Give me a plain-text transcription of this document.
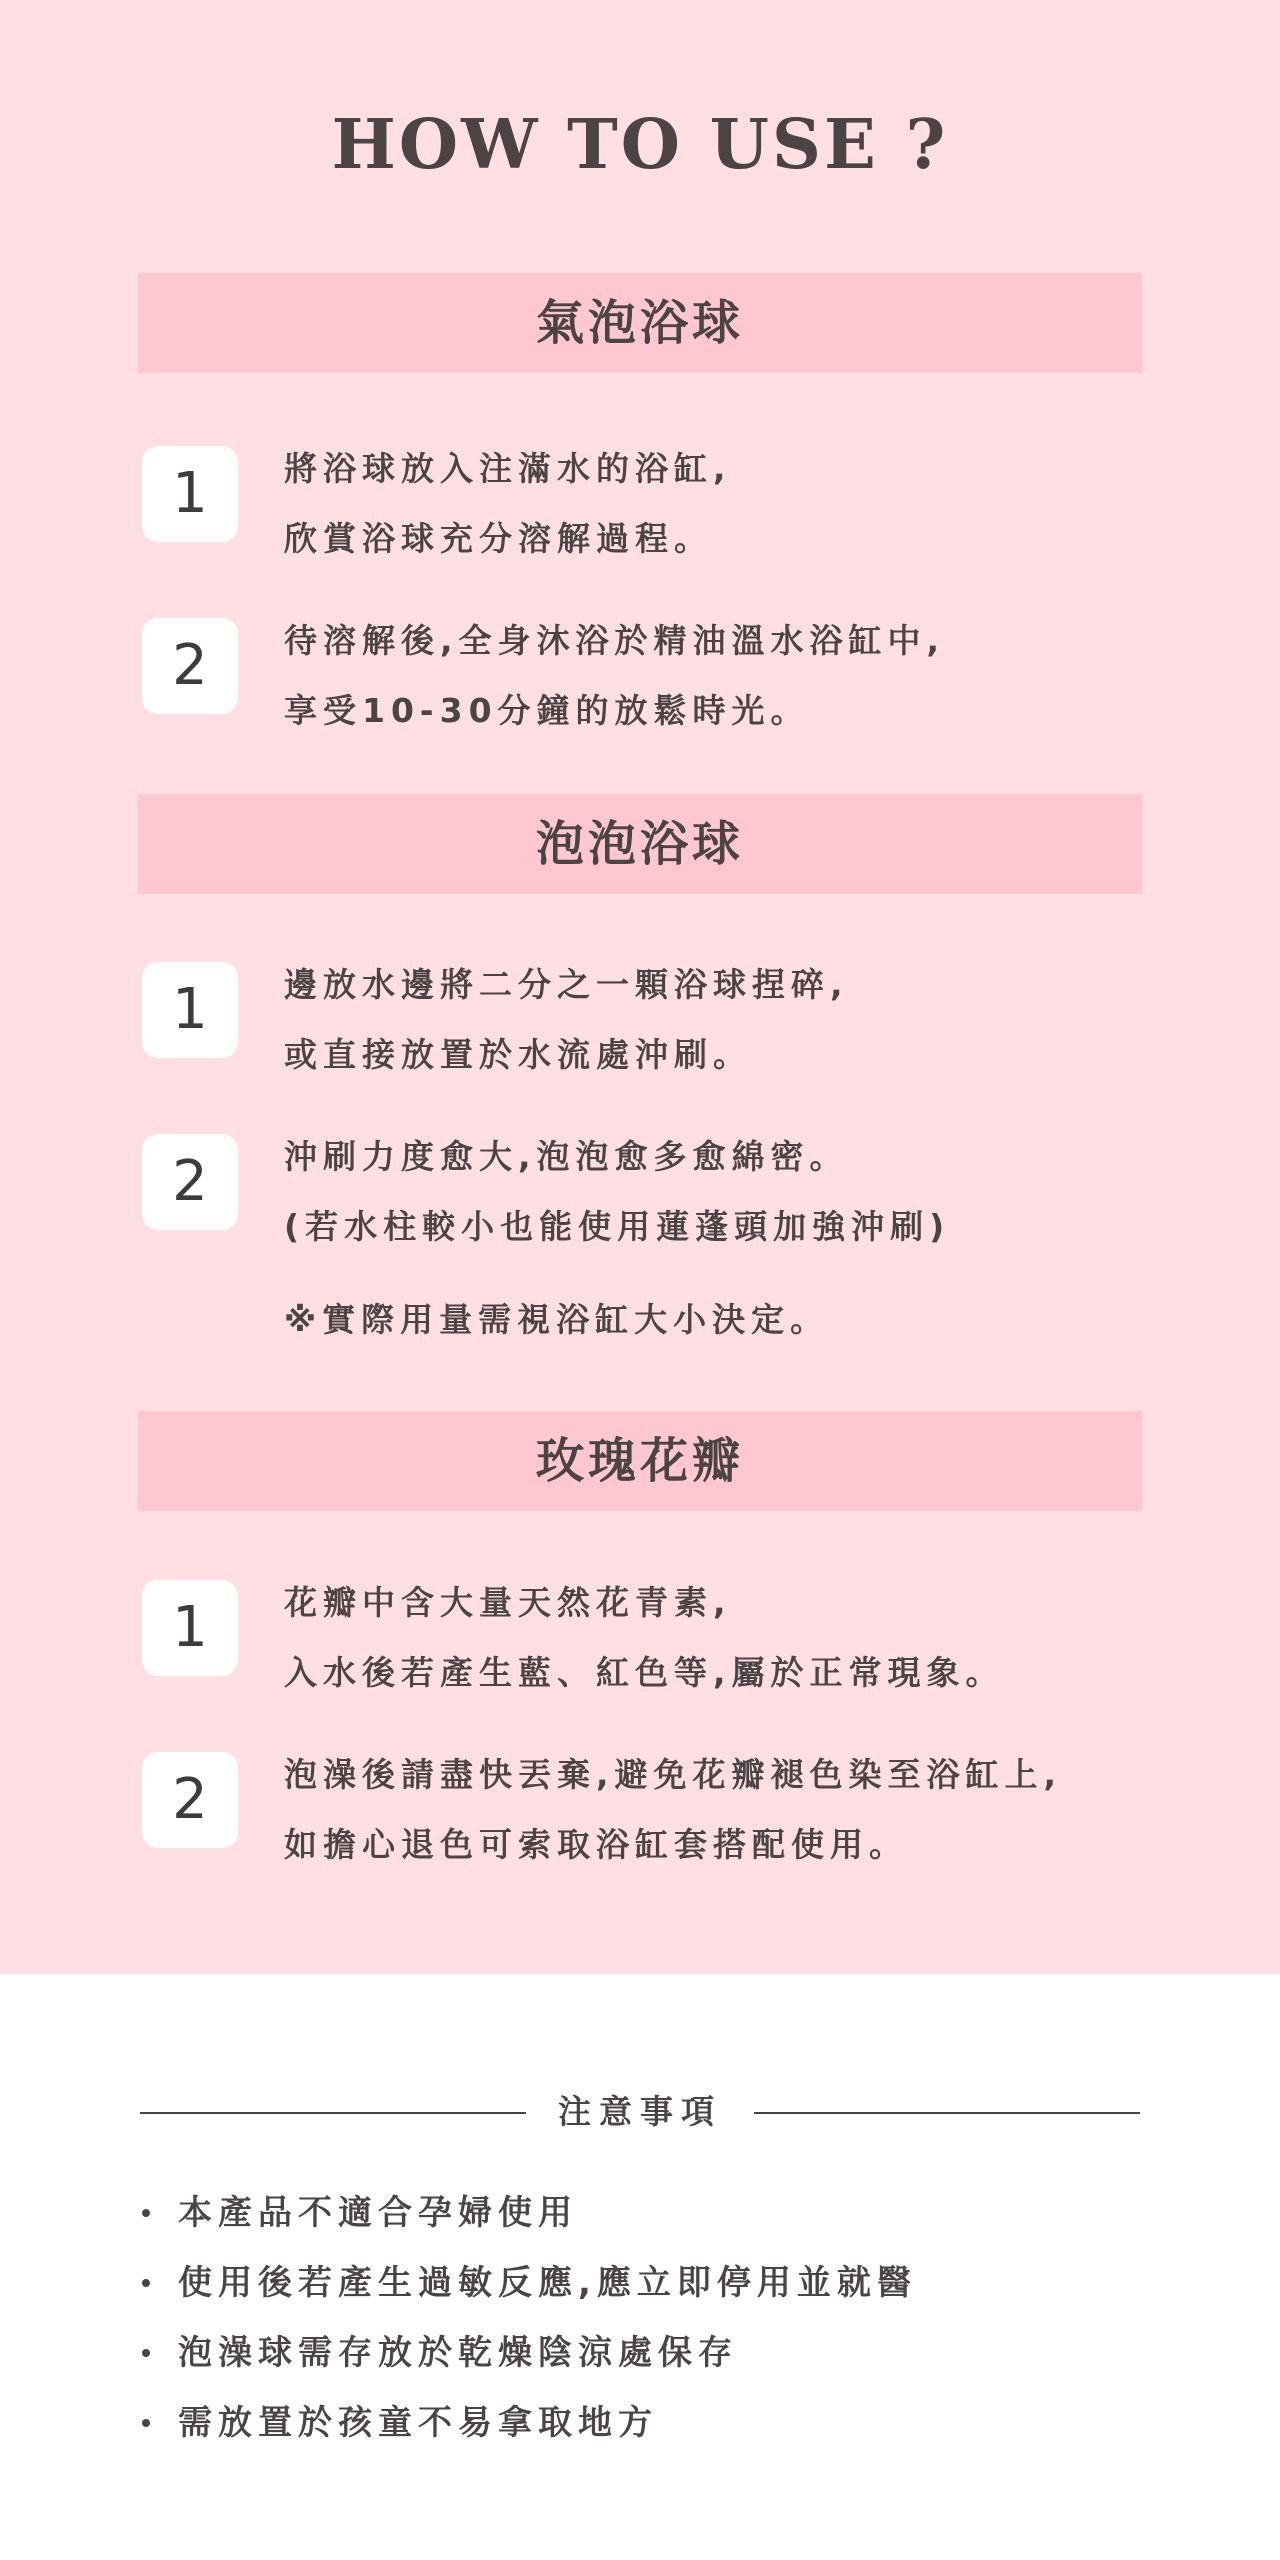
HOW TO USE ?
氣泡浴球
1	將浴球放入注滿水的浴缸,
欣賞浴球充分溶解過程。
2	待溶解後,全身沐浴於精油溫水浴缸中,
享受10-30分鐘的放鬆時光。
泡泡浴球
1	邊放水邊將二分之一顆浴球捏碎,
或直接放置於水流處沖刷。
2	沖刷力度愈大,泡泡愈多愈綿密。
(若水柱較小也能使用蓮蓬頭加強沖刷)
※實際用量需視浴缸大小決定。
玫瑰花瓣
1	花瓣中含大量天然花青素,
入水後若產生藍、紅色等,屬於正常現象。
2	泡澡後請盡快丟棄,避免花瓣褪色染至浴缸上,
如擔心退色可索取浴缸套搭配使用。
注意事項
本產品不適合孕婦使用
使用後若產生過敏反應,應立即停用並就醫
泡澡球需存放於乾燥陰涼處保存
需放置於孩童不易拿取地方
